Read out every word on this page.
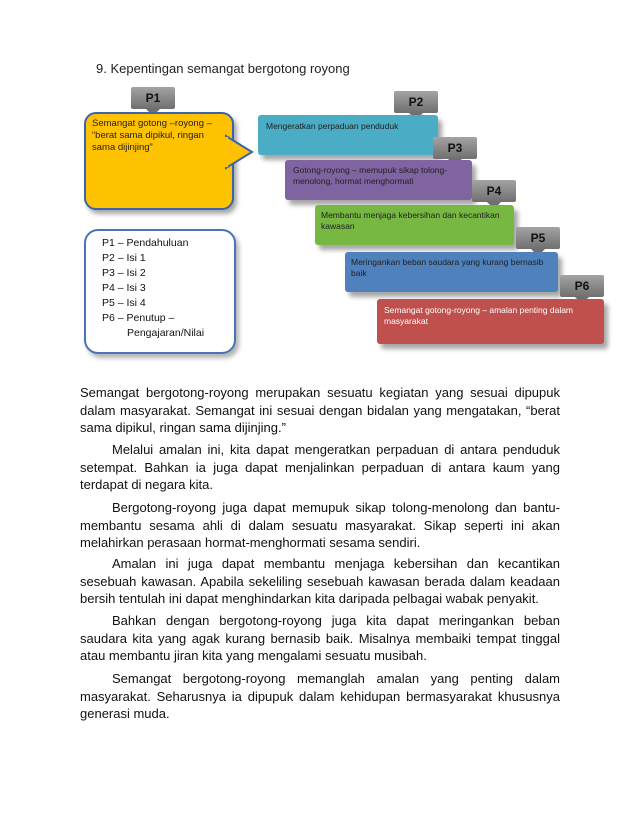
9. Kepentingan semangat bergotong royong
P1
Semangat gotong –royong – “berat sama dipikul, ringan sama dijinjing”
P2
Mengeratkan perpaduan penduduk
P3
Gotong-royong – memupuk sikap tolong-menolong, hormat menghormati
P4
Membantu menjaga kebersihan dan kecantikan kawasan
P5
Meringankan beban saudara yang kurang bernasib baik
P6
Semangat gotong-royong – amalan penting dalam masyarakat
P1 – Pendahuluan
P2 – Isi 1
P3 – Isi 2
P4 – Isi 3
P5 – Isi 4
P6 – Penutup –
Pengajaran/Nilai

Semangat bergotong-royong merupakan sesuatu kegiatan yang sesuai dipupuk dalam masyarakat. Semangat ini sesuai dengan bidalan yang mengatakan, “berat sama dipikul, ringan sama dijinjing.”

Melalui amalan ini, kita dapat mengeratkan perpaduan di antara penduduk setempat. Bahkan ia juga dapat menjalinkan perpaduan di antara kaum yang terdapat di negara kita.

Bergotong-royong juga dapat memupuk sikap tolong-menolong dan bantu-membantu sesama ahli di dalam sesuatu masyarakat. Sikap seperti ini akan melahirkan perasaan hormat-menghormati sesama sendiri.

Amalan ini juga dapat membantu menjaga kebersihan dan kecantikan sesebuah kawasan. Apabila sekeliling sesebuah kawasan berada dalam keadaan bersih tentulah ini dapat menghindarkan kita daripada pelbagai wabak penyakit.

Bahkan dengan bergotong-royong juga kita dapat meringankan beban saudara kita yang agak kurang bernasib baik. Misalnya membaiki tempat tinggal atau membantu jiran kita yang mengalami sesuatu musibah.

Semangat bergotong-royong memanglah amalan yang penting dalam masyarakat. Seharusnya ia dipupuk dalam kehidupan bermasyarakat khususnya generasi muda.
